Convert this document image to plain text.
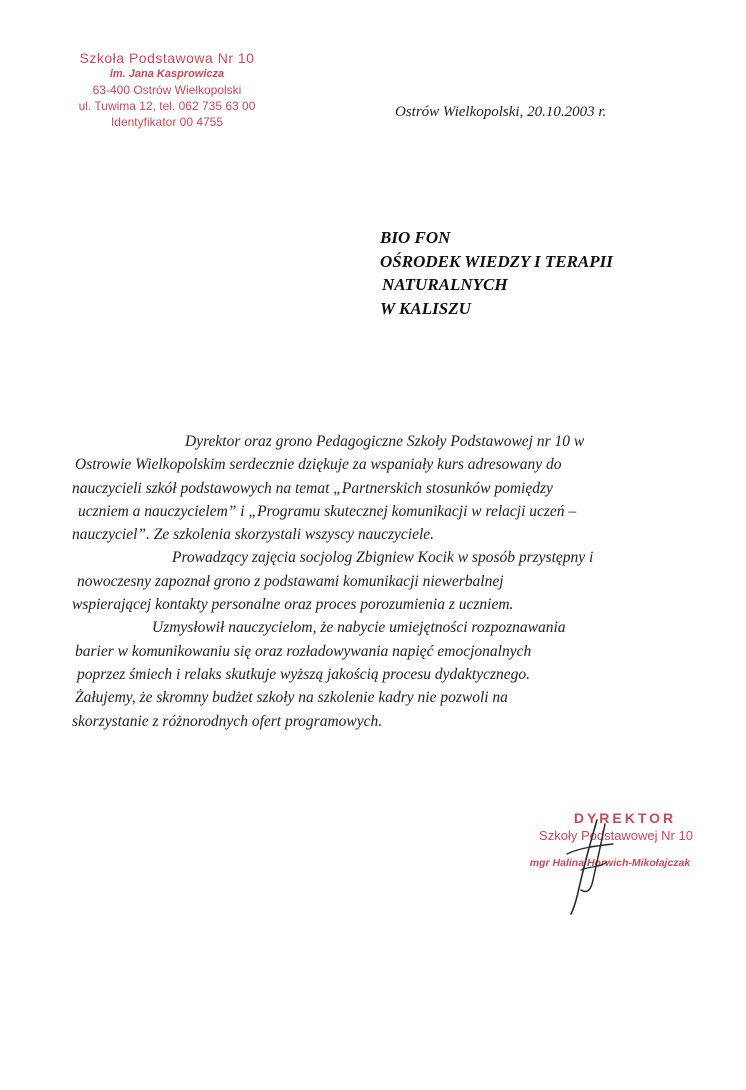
Szkoła Podstawowa Nr 10
im. Jana Kasprowicza
63-400 Ostrów Wielkopolski
ul. Tuwima 12, tel. 062 735 63 00
Identyfikator 00 4755
Ostrów Wielkopolski, 20.10.2003 r.
BIO FON
OŚRODEK WIEDZY I TERAPII
NATURALNYCH
W KALISZU
Dyrektor oraz grono Pedagogiczne Szkoły Podstawowej nr 10 w
Ostrowie Wielkopolskim serdecznie dziękuje za wspaniały kurs adresowany do
nauczycieli szkół podstawowych na temat „Partnerskich stosunków pomiędzy
uczniem a nauczycielem” i „Programu skutecznej komunikacji w relacji uczeń –
nauczyciel”. Ze szkolenia skorzystali wszyscy nauczyciele.
Prowadzący zajęcia socjolog Zbigniew Kocik w sposób przystępny i
nowoczesny zapoznał grono z podstawami komunikacji niewerbalnej
wspierającej kontakty personalne oraz proces porozumienia z uczniem.
Uzmysłowił nauczycielom, że nabycie umiejętności rozpoznawania
barier w komunikowaniu się oraz rozładowywania napięć emocjonalnych
poprzez śmiech i relaks skutkuje wyższą jakością procesu dydaktycznego.
Żałujemy, że skromny budżet szkoły na szkolenie kadry nie pozwoli na
skorzystanie z różnorodnych ofert programowych.
DYREKTOR
Szkoły Podstawowej Nr 10
mgr Halina Horwich-Mikołajczak
